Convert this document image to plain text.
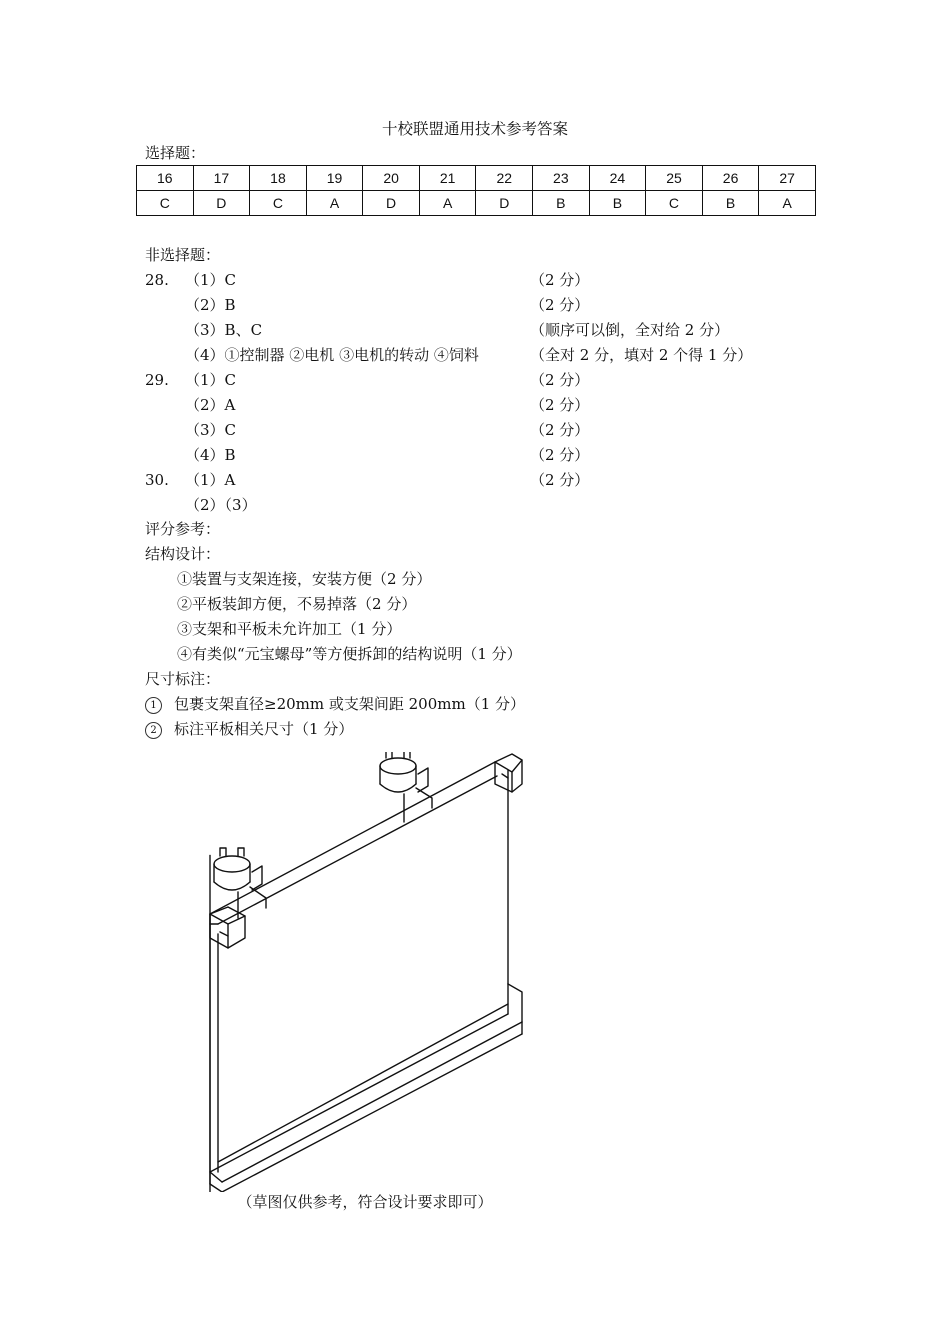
十校联盟通用技术参考答案
选择题：
16	17	18	19	20	21	22	23	24	25	26	27
C	D	C	A	D	A	D	B	B	C	B	A
非选择题：
28. （1）C	（2 分）
（2）B	（2 分）
（3）B、C	（顺序可以倒，全对给 2 分）
（4）①控制器 ②电机 ③电机的转动 ④饲料	（全对 2 分，填对 2 个得 1 分）
29. （1）C	（2 分）
（2）A	（2 分）
（3）C	（2 分）
（4）B	（2 分）
30. （1）A	（2 分）
（2）（3）
评分参考：
结构设计：
①装置与支架连接，安装方便（2 分）
②平板装卸方便，不易掉落（2 分）
③支架和平板未允许加工（1 分）
④有类似“元宝螺母”等方便拆卸的结构说明（1 分）
尺寸标注：
1 包裹支架直径≥20mm 或支架间距 200mm（1 分）
2 标注平板相关尺寸（1 分）
（草图仅供参考，符合设计要求即可）
